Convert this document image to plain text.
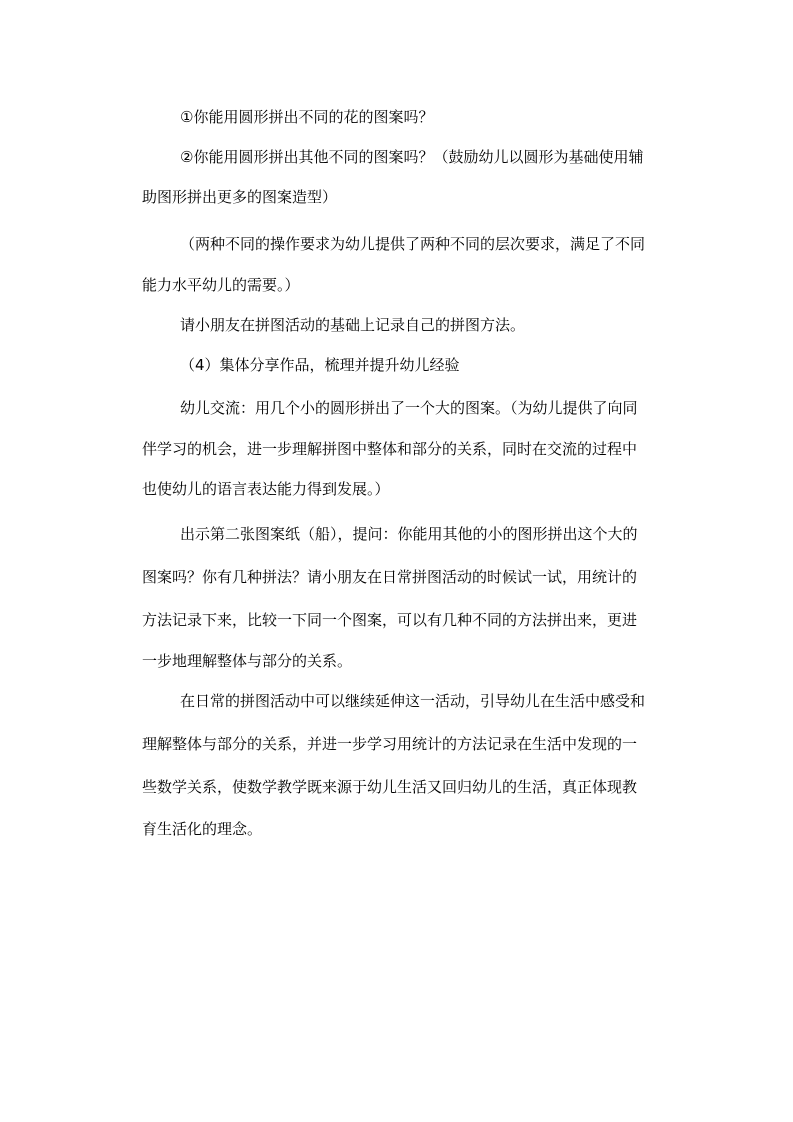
①你能用圆形拼出不同的花的图案吗？
②你能用圆形拼出其他不同的图案吗？（鼓励幼儿以圆形为基础使用辅
助图形拼出更多的图案造型）
（两种不同的操作要求为幼儿提供了两种不同的层次要求，满足了不同
能力水平幼儿的需要。）
请小朋友在拼图活动的基础上记录自己的拼图方法。
（4）集体分享作品，梳理并提升幼儿经验
幼儿交流：用几个小的圆形拼出了一个大的图案。（为幼儿提供了向同
伴学习的机会，进一步理解拼图中整体和部分的关系，同时在交流的过程中
也使幼儿的语言表达能力得到发展。）
出示第二张图案纸（船），提问：你能用其他的小的图形拼出这个大的
图案吗？你有几种拼法？请小朋友在日常拼图活动的时候试一试，用统计的
方法记录下来，比较一下同一个图案，可以有几种不同的方法拼出来，更进
一步地理解整体与部分的关系。
在日常的拼图活动中可以继续延伸这一活动，引导幼儿在生活中感受和
理解整体与部分的关系，并进一步学习用统计的方法记录在生活中发现的一
些数学关系，使数学教学既来源于幼儿生活又回归幼儿的生活，真正体现教
育生活化的理念。
